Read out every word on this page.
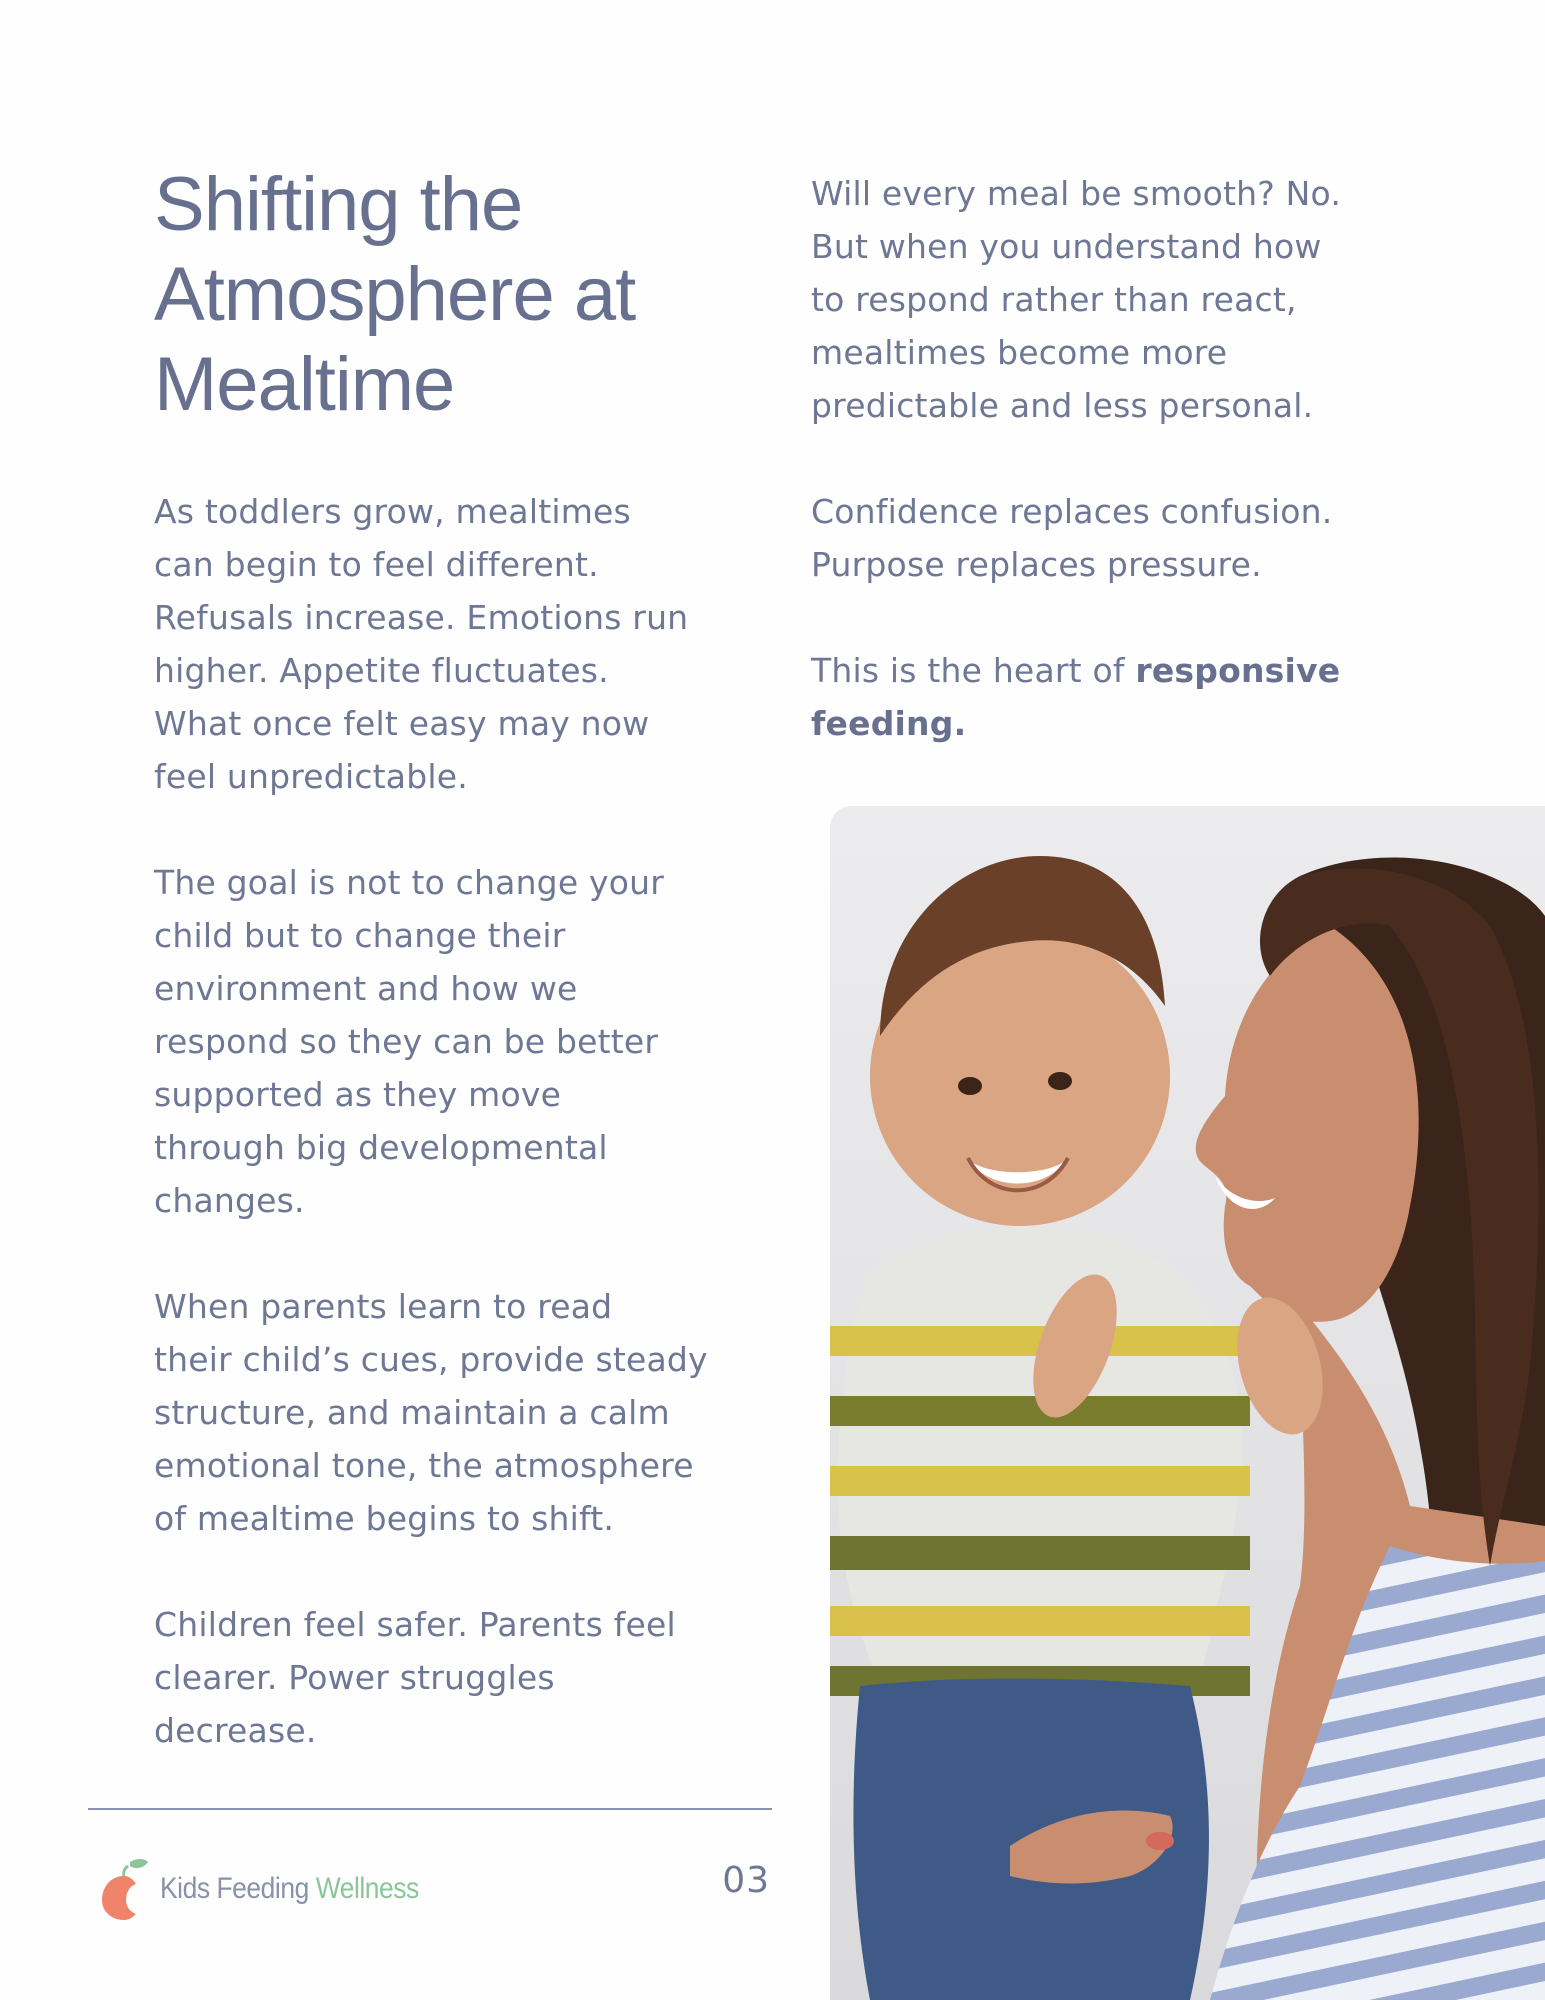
Shifting the
Atmosphere at
Mealtime

As toddlers grow, mealtimes
can begin to feel different.
Refusals increase. Emotions run
higher. Appetite fluctuates.
What once felt easy may now
feel unpredictable.

The goal is not to change your
child but to change their
environment and how we
respond so they can be better
supported as they move
through big developmental
changes.

When parents learn to read
their child’s cues, provide steady
structure, and maintain a calm
emotional tone, the atmosphere
of mealtime begins to shift.

Children feel safer. Parents feel
clearer. Power struggles
decrease.

Will every meal be smooth? No.
But when you understand how
to respond rather than react,
mealtimes become more
predictable and less personal.

Confidence replaces confusion.
Purpose replaces pressure.

This is the heart of responsive
feeding.

Kids Feeding Wellness	03
